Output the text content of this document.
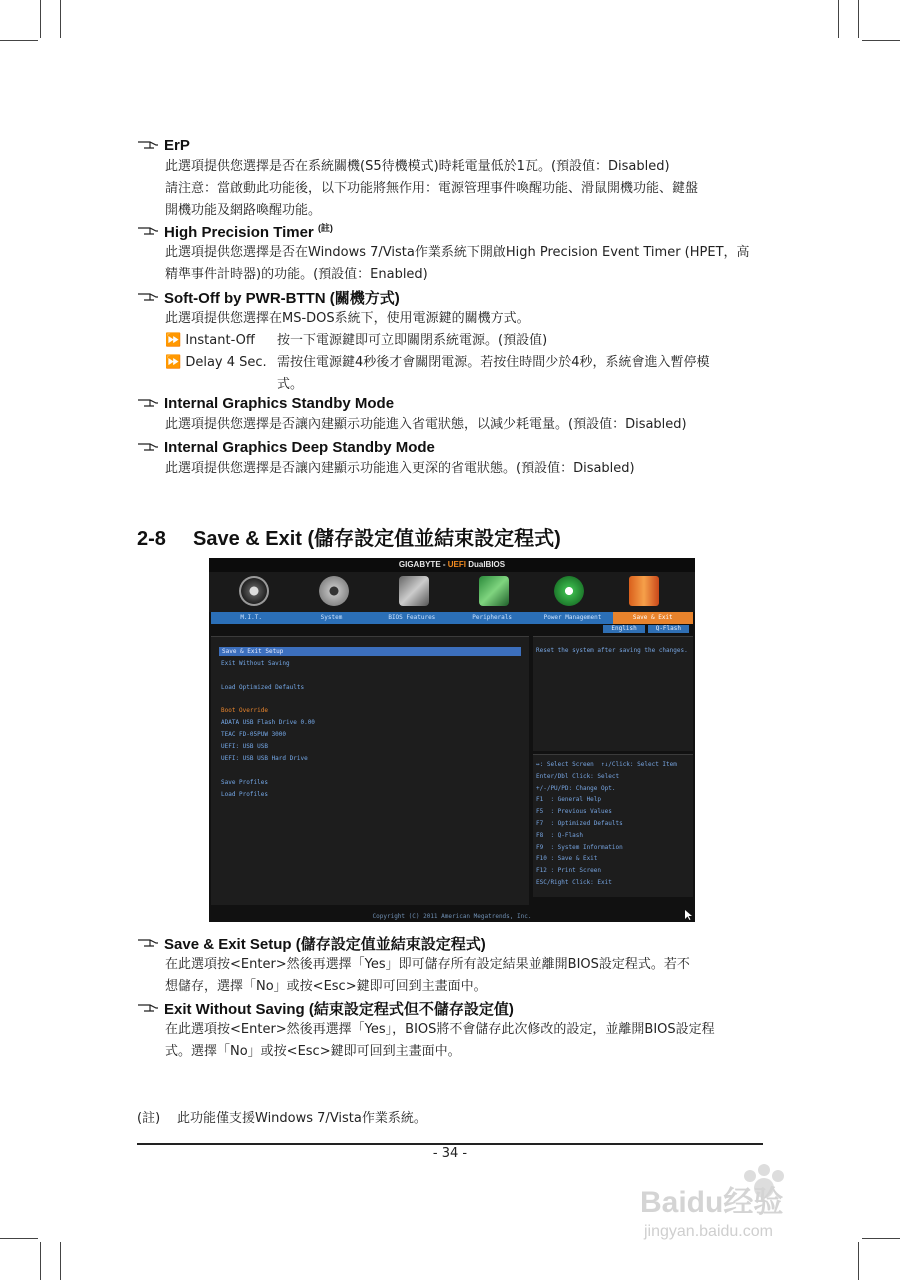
ErP
此選項提供您選擇是否在系統關機(S5待機模式)時耗電量低於1瓦。(預設值：Disabled)
請注意：當啟動此功能後，以下功能將無作用：電源管理事件喚醒功能、滑鼠開機功能、鍵盤
開機功能及網路喚醒功能。
High Precision Timer $^{(註)}$
此選項提供您選擇是否在Windows 7/Vista作業系統下開啟High Precision Event Timer (HPET，高
精準事件計時器)的功能。(預設值：Enabled)
Soft-Off by PWR-BTTN (關機方式)
此選項提供您選擇在MS-DOS系統下，使用電源鍵的關機方式。
⏩ Instant-Off	按一下電源鍵即可立即關閉系統電源。(預設值)
⏩ Delay 4 Sec. 需按住電源鍵4秒後才會關閉電源。若按住時間少於4秒，系統會進入暫停模
式。
Internal Graphics Standby Mode
此選項提供您選擇是否讓內建顯示功能進入省電狀態，以減少耗電量。(預設值：Disabled)
Internal Graphics Deep Standby Mode
此選項提供您選擇是否讓內建顯示功能進入更深的省電狀態。(預設值：Disabled)
2-8 Save & Exit (儲存設定值並結束設定程式)
GIGABYTE - UEFI DualBIOS
M.I.T.	System	BIOS Features	Peripherals	Power Management	Save & Exit
English	Q-Flash
Save & Exit Setup
Exit Without Saving
Load Optimized Defaults
Boot Override
ADATA USB Flash Drive 0.00
TEAC FD-05PUW 3000
UEFI: USB USB
UEFI: USB USB Hard Drive
Save Profiles
Load Profiles
Reset the system after saving the changes.
↔: Select Screen  ↑↓/Click: Select Item
Enter/Dbl Click: Select
+/-/PU/PD: Change Opt.
F1  : General Help
F5  : Previous Values
F7  : Optimized Defaults
F8  : Q-Flash
F9  : System Information
F10 : Save & Exit
F12 : Print Screen
ESC/Right Click: Exit
Copyright (C) 2011 American Megatrends, Inc.
Save & Exit Setup (儲存設定值並結束設定程式)
在此選項按<Enter>然後再選擇「Yes」即可儲存所有設定結果並離開BIOS設定程式。若不
想儲存，選擇「No」或按<Esc>鍵即可回到主畫面中。
Exit Without Saving (結束設定程式但不儲存設定值)
在此選項按<Enter>然後再選擇「Yes」，BIOS將不會儲存此次修改的設定，並離開BIOS設定程
式。選擇「No」或按<Esc>鍵即可回到主畫面中。
(註) 此功能僅支援Windows 7/Vista作業系統。
- 34 -
Baidu经验
jingyan.baidu.com
